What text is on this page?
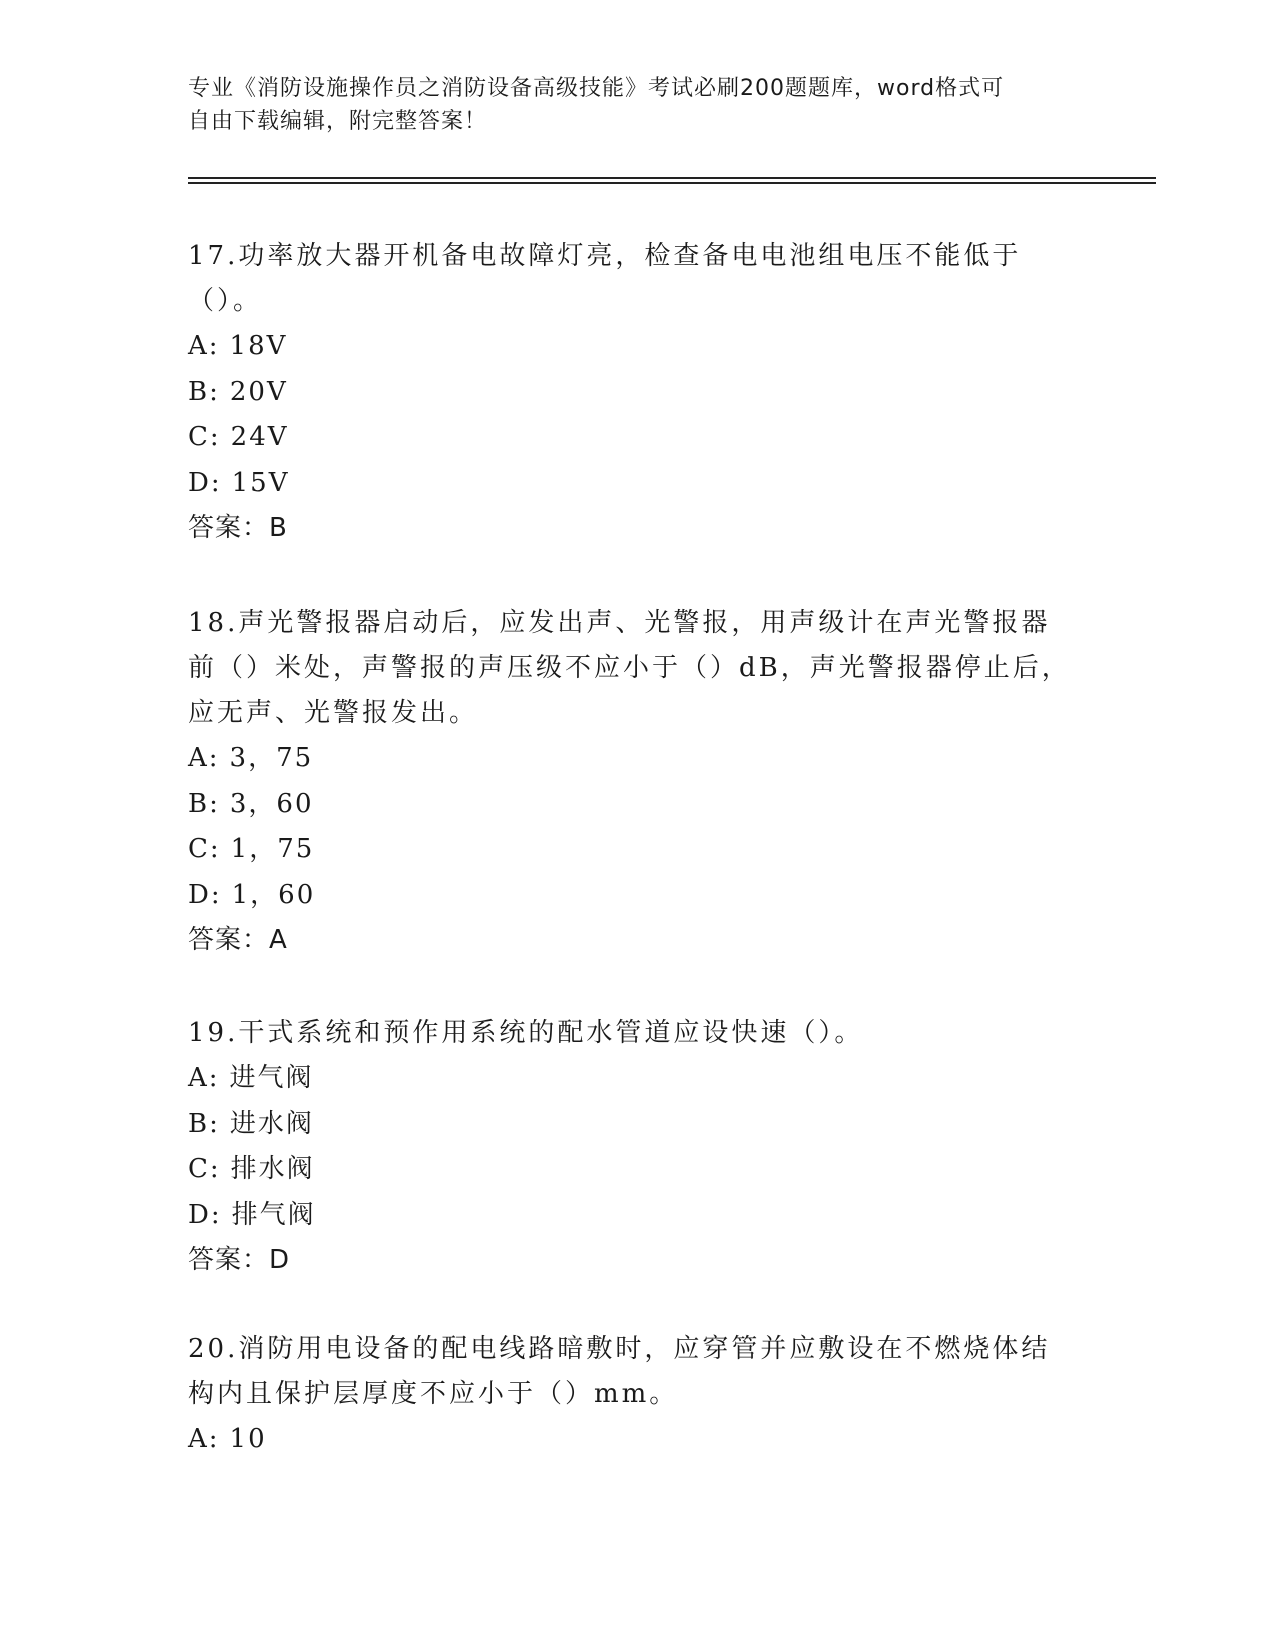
专业《消防设施操作员之消防设备高级技能》考试必刷200题题库，word格式可
自由下载编辑，附完整答案！

17.功率放大器开机备电故障灯亮，检查备电电池组电压不能低于（）。

A: 18V
B: 20V
C: 24V
D: 15V
答案：B

18.声光警报器启动后，应发出声、光警报，用声级计在声光警报器前（）米处，声警报的声压级不应小于（）dB，声光警报器停止后，应无声、光警报发出。

A: 3，75
B: 3，60
C: 1，75
D: 1，60
答案：A

19.干式系统和预作用系统的配水管道应设快速（）。

A: 进气阀
B: 进水阀
C: 排水阀
D: 排气阀
答案：D

20.消防用电设备的配电线路暗敷时，应穿管并应敷设在不燃烧体结构内且保护层厚度不应小于（）mm。

A: 10
